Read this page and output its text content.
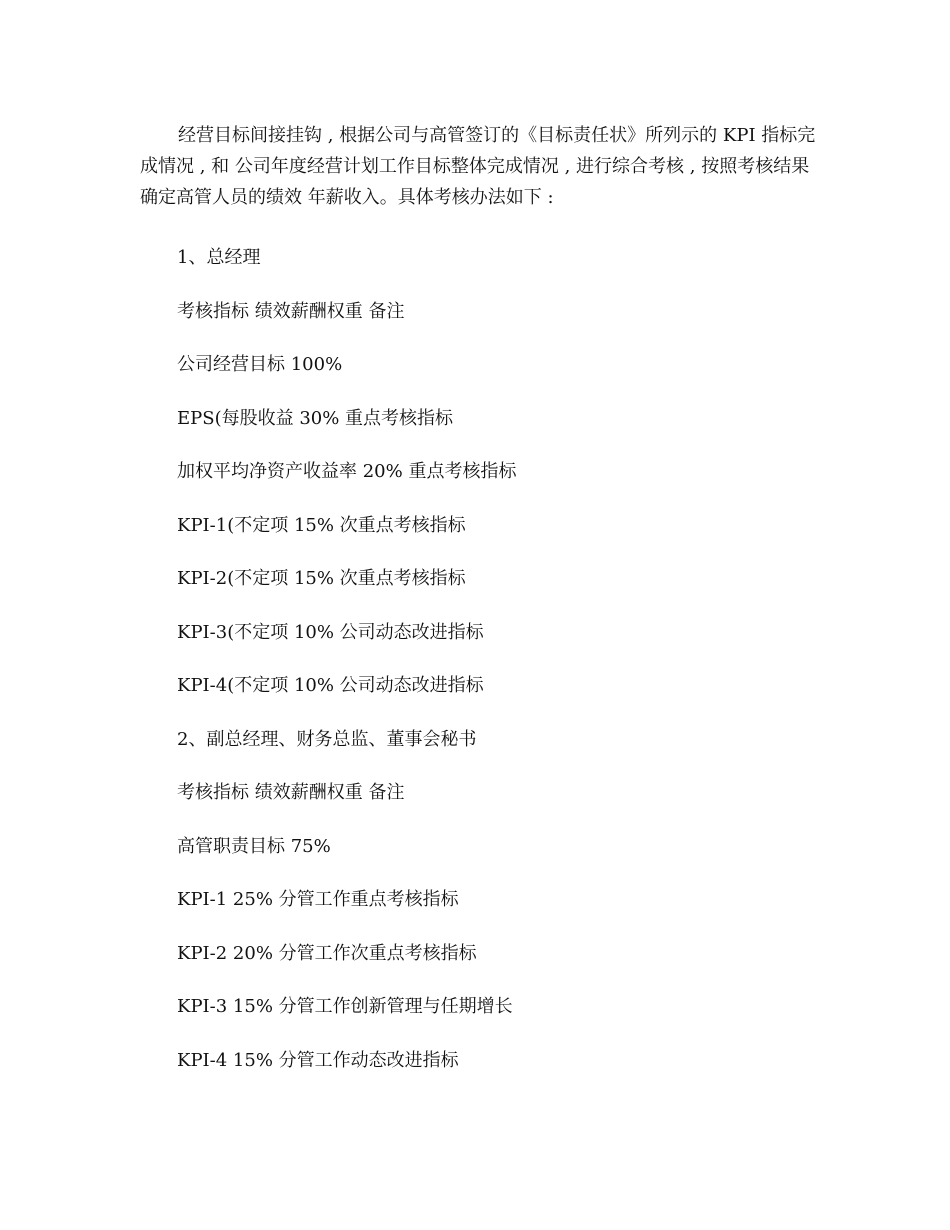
经营目标间接挂钩 , 根据公司与高管签订的《目标责任状》所列示的 KPI 指标完成情况 , 和 公司年度经营计划工作目标整体完成情况 , 进行综合考核 , 按照考核结果确定高管人员的绩效 年薪收入。具体考核办法如下 :

1、总经理

考核指标 绩效薪酬权重 备注

公司经营目标 100%

EPS(每股收益 30% 重点考核指标

加权平均净资产收益率 20% 重点考核指标

KPI-1(不定项 15% 次重点考核指标

KPI-2(不定项 15% 次重点考核指标

KPI-3(不定项 10% 公司动态改进指标

KPI-4(不定项 10% 公司动态改进指标

2、副总经理、财务总监、董事会秘书

考核指标 绩效薪酬权重 备注

高管职责目标 75%

KPI-1 25% 分管工作重点考核指标

KPI-2 20% 分管工作次重点考核指标

KPI-3 15% 分管工作创新管理与任期增长

KPI-4 15% 分管工作动态改进指标
